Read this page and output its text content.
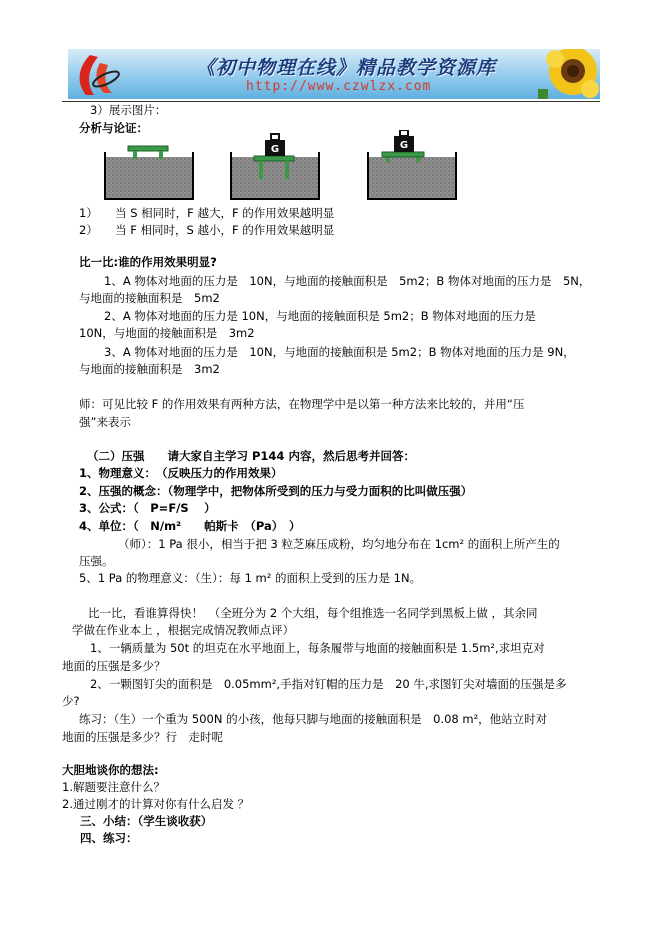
《初中物理在线》精品教学资源库
http://www.czwlzx.com
3）展示图片：
分析与论证：
G	G
1）　　当 S 相同时，F 越大，F 的作用效果越明显
2）　　当 F 相同时，S 越小，F 的作用效果越明显
比一比:谁的作用效果明显?
1、A 物体对地面的压力是　10N，与地面的接触面积是　5m2；B 物体对地面的压力是　5N，
与地面的接触面积是　5m2
2、A 物体对地面的压力是 10N，与地面的接触面积是 5m2；B 物体对地面的压力是
10N，与地面的接触面积是　3m2
3、A 物体对地面的压力是　10N，与地面的接触面积是 5m2；B 物体对地面的压力是 9N，
与地面的接触面积是　3m2
师：可见比较 F 的作用效果有两种方法，在物理学中是以第一种方法来比较的，并用“压
强”来表示
（二）压强　　请大家自主学习 P144 内容，然后思考并回答：
1、物理意义：　（反映压力的作用效果）
2、压强的概念：（物理学中，把物体所受到的压力与受力面积的比叫做压强）
3、公式：（　P=F/S 　）
4、单位：（　N/m²　　帕斯卡　（Pa）　）
（师）：1 Pa 很小，相当于把 3 粒芝麻压成粉，均匀地分布在 1cm² 的面积上所产生的
压强。
5、1 Pa 的物理意义：（生）：每 1 m² 的面积上受到的压力是 1N。
比一比，看谁算得快！　（全班分为 2 个大组，每个组推选一名同学到黑板上做 ，其余同
学做在作业本上 ，根据完成情况教师点评）
1、一辆质量为 50t 的坦克在水平地面上，每条履带与地面的接触面积是 1.5m²,求坦克对
地面的压强是多少？
2、一颗图钉尖的面积是　0.05mm²,手指对钉帽的压力是　20 牛,求图钉尖对墙面的压强是多
少?
练习：（生）一个重为 500N 的小孩，他每只脚与地面的接触面积是　0.08 m²，他站立时对
地面的压强是多少？行　走时呢
大胆地谈你的想法:
1.解题要注意什么？
2.通过刚才的计算对你有什么启发 ？
三、小结：（学生谈收获）
四、练习：
